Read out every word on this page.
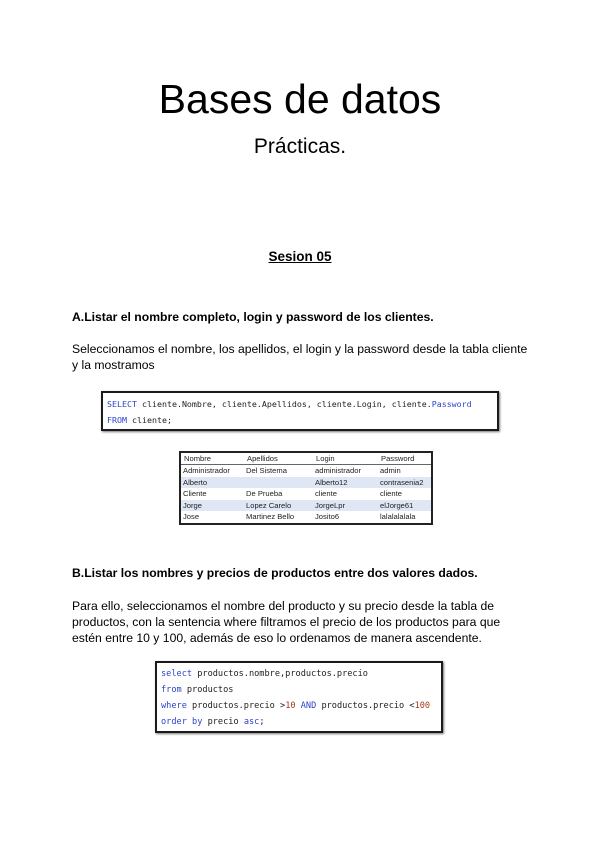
Bases de datos
Prácticas.
Sesion 05

A.Listar el nombre completo, login y password de los clientes.

Seleccionamos el nombre, los apellidos, el login y la password desde la tabla cliente y la mostramos

SELECT cliente.Nombre, cliente.Apellidos, cliente.Login, cliente.Password
FROM cliente;
Nombre	Apellidos	Login	Password
Administrador	Del Sistema	administrador	admin
Alberto		Alberto12	contrasenia2
Cliente	De Prueba	cliente	cliente
Jorge	Lopez Carelo	JorgeLpr	elJorge61
Jose	Martinez Bello	Josito6	lalalalalala

B.Listar los nombres y precios de productos entre dos valores dados.

Para ello, seleccionamos el nombre del producto y su precio desde la tabla de productos, con la sentencia where filtramos el precio de los productos para que estén entre 10 y 100, además de eso lo ordenamos de manera ascendente.

select productos.nombre,productos.precio
from productos
where productos.precio >10 AND productos.precio <100
order by precio asc;
